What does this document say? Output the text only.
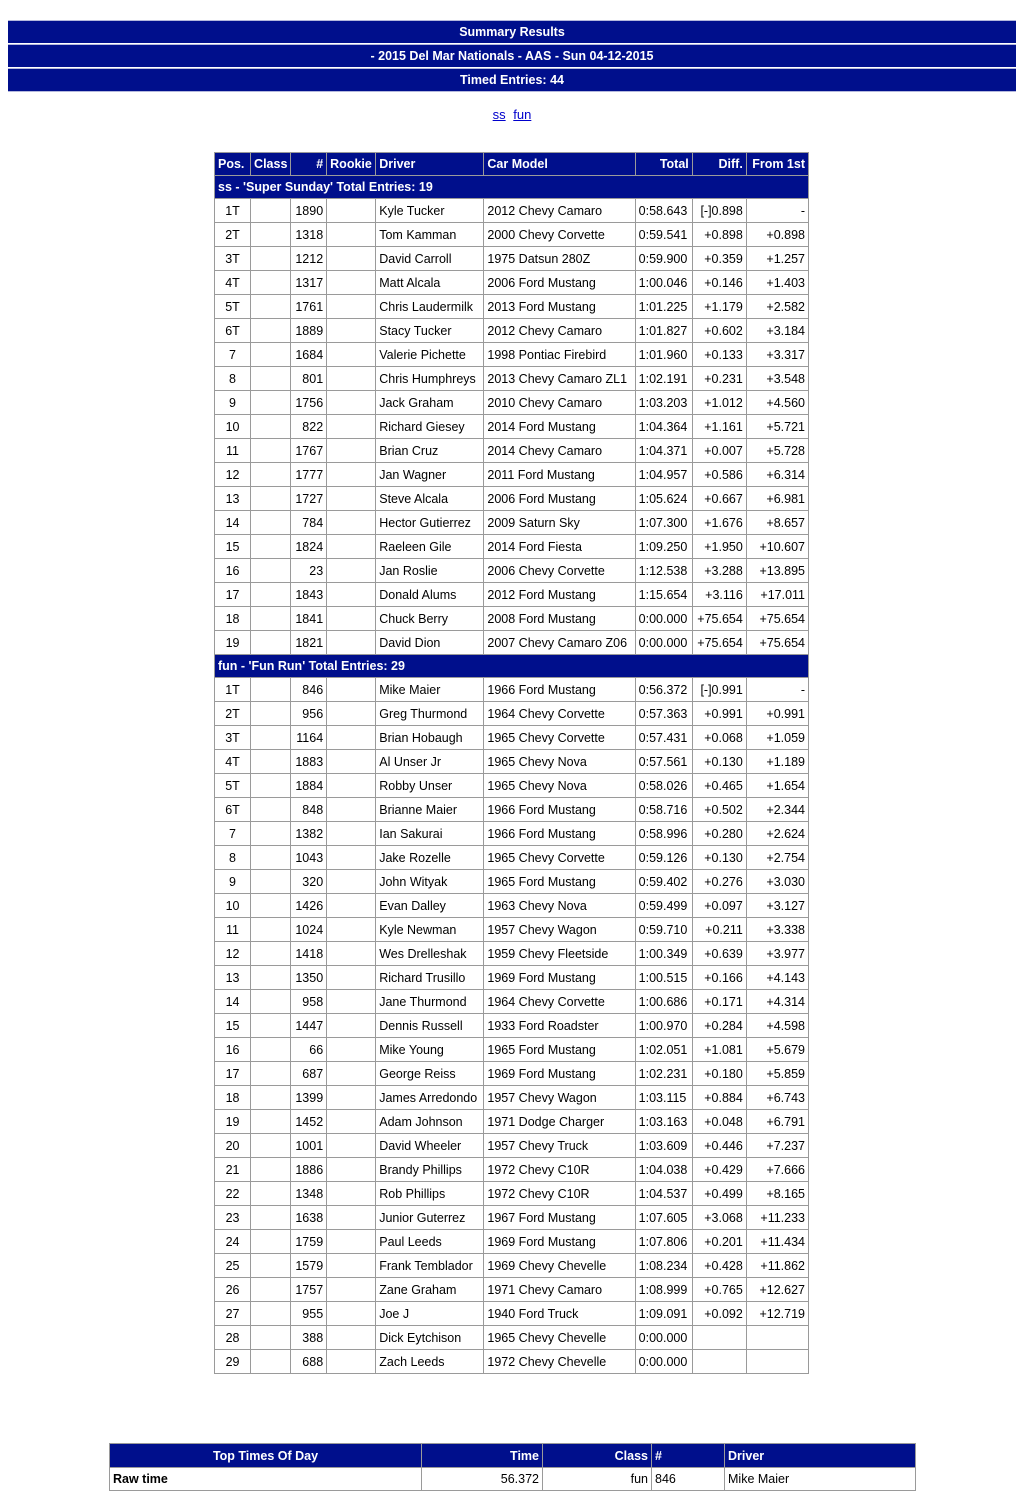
Summary Results
- 2015 Del Mar Nationals - AAS - Sun 04-12-2015
Timed Entries: 44
ss fun
Pos.	Class	#	Rookie	Driver	Car Model	Total	Diff.	From 1st
ss - 'Super Sunday' Total Entries: 19								
1T		1890		Kyle Tucker	2012 Chevy Camaro	0:58.643	[-]0.898	-
2T		1318		Tom Kamman	2000 Chevy Corvette	0:59.541	+0.898	+0.898
3T		1212		David Carroll	1975 Datsun 280Z	0:59.900	+0.359	+1.257
4T		1317		Matt Alcala	2006 Ford Mustang	1:00.046	+0.146	+1.403
5T		1761		Chris Laudermilk	2013 Ford Mustang	1:01.225	+1.179	+2.582
6T		1889		Stacy Tucker	2012 Chevy Camaro	1:01.827	+0.602	+3.184
7		1684		Valerie Pichette	1998 Pontiac Firebird	1:01.960	+0.133	+3.317
8		801		Chris Humphreys	2013 Chevy Camaro ZL1	1:02.191	+0.231	+3.548
9		1756		Jack Graham	2010 Chevy Camaro	1:03.203	+1.012	+4.560
10		822		Richard Giesey	2014 Ford Mustang	1:04.364	+1.161	+5.721
11		1767		Brian Cruz	2014 Chevy Camaro	1:04.371	+0.007	+5.728
12		1777		Jan Wagner	2011 Ford Mustang	1:04.957	+0.586	+6.314
13		1727		Steve Alcala	2006 Ford Mustang	1:05.624	+0.667	+6.981
14		784		Hector Gutierrez	2009 Saturn Sky	1:07.300	+1.676	+8.657
15		1824		Raeleen Gile	2014 Ford Fiesta	1:09.250	+1.950	+10.607
16		23		Jan Roslie	2006 Chevy Corvette	1:12.538	+3.288	+13.895
17		1843		Donald Alums	2012 Ford Mustang	1:15.654	+3.116	+17.011
18		1841		Chuck Berry	2008 Ford Mustang	0:00.000	+75.654	+75.654
19		1821		David Dion	2007 Chevy Camaro Z06	0:00.000	+75.654	+75.654
fun - 'Fun Run' Total Entries: 29								
1T		846		Mike Maier	1966 Ford Mustang	0:56.372	[-]0.991	-
2T		956		Greg Thurmond	1964 Chevy Corvette	0:57.363	+0.991	+0.991
3T		1164		Brian Hobaugh	1965 Chevy Corvette	0:57.431	+0.068	+1.059
4T		1883		Al Unser Jr	1965 Chevy Nova	0:57.561	+0.130	+1.189
5T		1884		Robby Unser	1965 Chevy Nova	0:58.026	+0.465	+1.654
6T		848		Brianne Maier	1966 Ford Mustang	0:58.716	+0.502	+2.344
7		1382		Ian Sakurai	1966 Ford Mustang	0:58.996	+0.280	+2.624
8		1043		Jake Rozelle	1965 Chevy Corvette	0:59.126	+0.130	+2.754
9		320		John Wityak	1965 Ford Mustang	0:59.402	+0.276	+3.030
10		1426		Evan Dalley	1963 Chevy Nova	0:59.499	+0.097	+3.127
11		1024		Kyle Newman	1957 Chevy Wagon	0:59.710	+0.211	+3.338
12		1418		Wes Drelleshak	1959 Chevy Fleetside	1:00.349	+0.639	+3.977
13		1350		Richard Trusillo	1969 Ford Mustang	1:00.515	+0.166	+4.143
14		958		Jane Thurmond	1964 Chevy Corvette	1:00.686	+0.171	+4.314
15		1447		Dennis Russell	1933 Ford Roadster	1:00.970	+0.284	+4.598
16		66		Mike Young	1965 Ford Mustang	1:02.051	+1.081	+5.679
17		687		George Reiss	1969 Ford Mustang	1:02.231	+0.180	+5.859
18		1399		James Arredondo	1957 Chevy Wagon	1:03.115	+0.884	+6.743
19		1452		Adam Johnson	1971 Dodge Charger	1:03.163	+0.048	+6.791
20		1001		David Wheeler	1957 Chevy Truck	1:03.609	+0.446	+7.237
21		1886		Brandy Phillips	1972 Chevy C10R	1:04.038	+0.429	+7.666
22		1348		Rob Phillips	1972 Chevy C10R	1:04.537	+0.499	+8.165
23		1638		Junior Guterrez	1967 Ford Mustang	1:07.605	+3.068	+11.233
24		1759		Paul Leeds	1969 Ford Mustang	1:07.806	+0.201	+11.434
25		1579		Frank Temblador	1969 Chevy Chevelle	1:08.234	+0.428	+11.862
26		1757		Zane Graham	1971 Chevy Camaro	1:08.999	+0.765	+12.627
27		955		Joe J	1940 Ford Truck	1:09.091	+0.092	+12.719
28		388		Dick Eytchison	1965 Chevy Chevelle	0:00.000		
29		688		Zach Leeds	1972 Chevy Chevelle	0:00.000		
Top Times Of Day	Time	Class	#	Driver
Raw time	56.372	fun	846	Mike Maier
